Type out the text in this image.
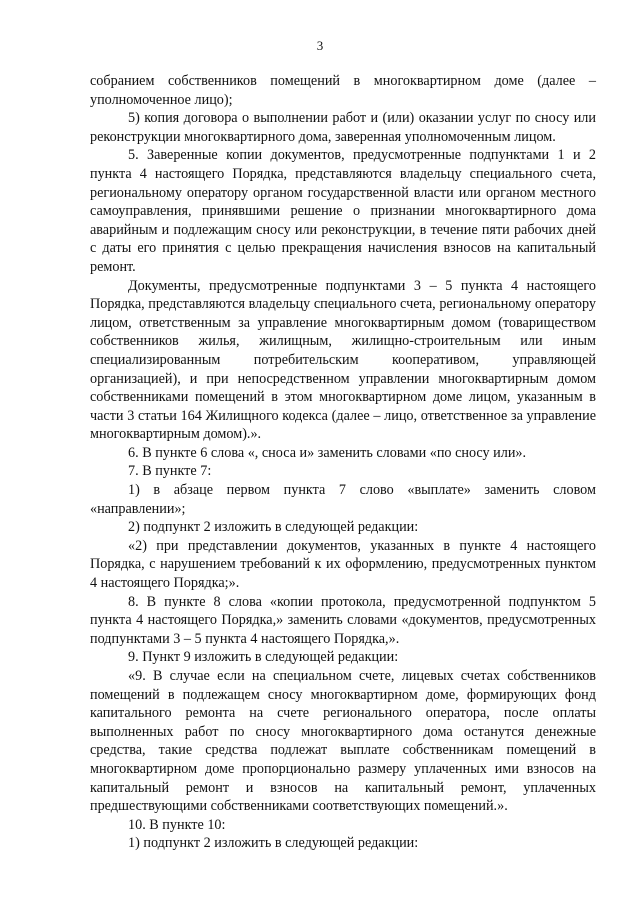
3

собранием собственников помещений в многоквартирном доме (далее – уполномоченное лицо);

5) копия договора о выполнении работ и (или) оказании услуг по сносу или реконструкции многоквартирного дома, заверенная уполномоченным лицом.

5. Заверенные копии документов, предусмотренные подпунктами 1 и 2 пункта 4 настоящего Порядка, представляются владельцу специального счета, региональному оператору органом государственной власти или органом местного самоуправления, принявшими решение о признании многоквартирного дома аварийным и подлежащим сносу или реконструкции, в течение пяти рабочих дней с даты его принятия с целью прекращения начисления взносов на капитальный ремонт.

Документы, предусмотренные подпунктами 3 – 5 пункта 4 настоящего Порядка, представляются владельцу специального счета, региональному оператору лицом, ответственным за управление многоквартирным домом (товариществом собственников жилья, жилищным, жилищно-строительным или иным специализированным потребительским кооперативом, управляющей организацией), и при непосредственном управлении многоквартирным домом собственниками помещений в этом многоквартирном доме лицом, указанным в части 3 статьи 164 Жилищного кодекса (далее – лицо, ответственное за управление многоквартирным домом).».

6. В пункте 6 слова «, сноса и» заменить словами «по сносу или».

7. В пункте 7:

1) в абзаце первом пункта 7 слово «выплате» заменить словом «направлении»;

2) подпункт 2 изложить в следующей редакции:

«2) при представлении документов, указанных в пункте 4 настоящего Порядка, с нарушением требований к их оформлению, предусмотренных пунктом 4 настоящего Порядка;».

8. В пункте 8 слова «копии протокола, предусмотренной подпунктом 5 пункта 4 настоящего Порядка,» заменить словами «документов, предусмотренных подпунктами 3 – 5 пункта 4 настоящего Порядка,».

9. Пункт 9 изложить в следующей редакции:

«9. В случае если на специальном счете, лицевых счетах собственников помещений в подлежащем сносу многоквартирном доме, формирующих фонд капитального ремонта на счете регионального оператора, после оплаты выполненных работ по сносу многоквартирного дома останутся денежные средства, такие средства подлежат выплате собственникам помещений в многоквартирном доме пропорционально размеру уплаченных ими взносов на капитальный ремонт и взносов на капитальный ремонт, уплаченных предшествующими собственниками соответствующих помещений.».

10. В пункте 10:

1) подпункт 2 изложить в следующей редакции:
